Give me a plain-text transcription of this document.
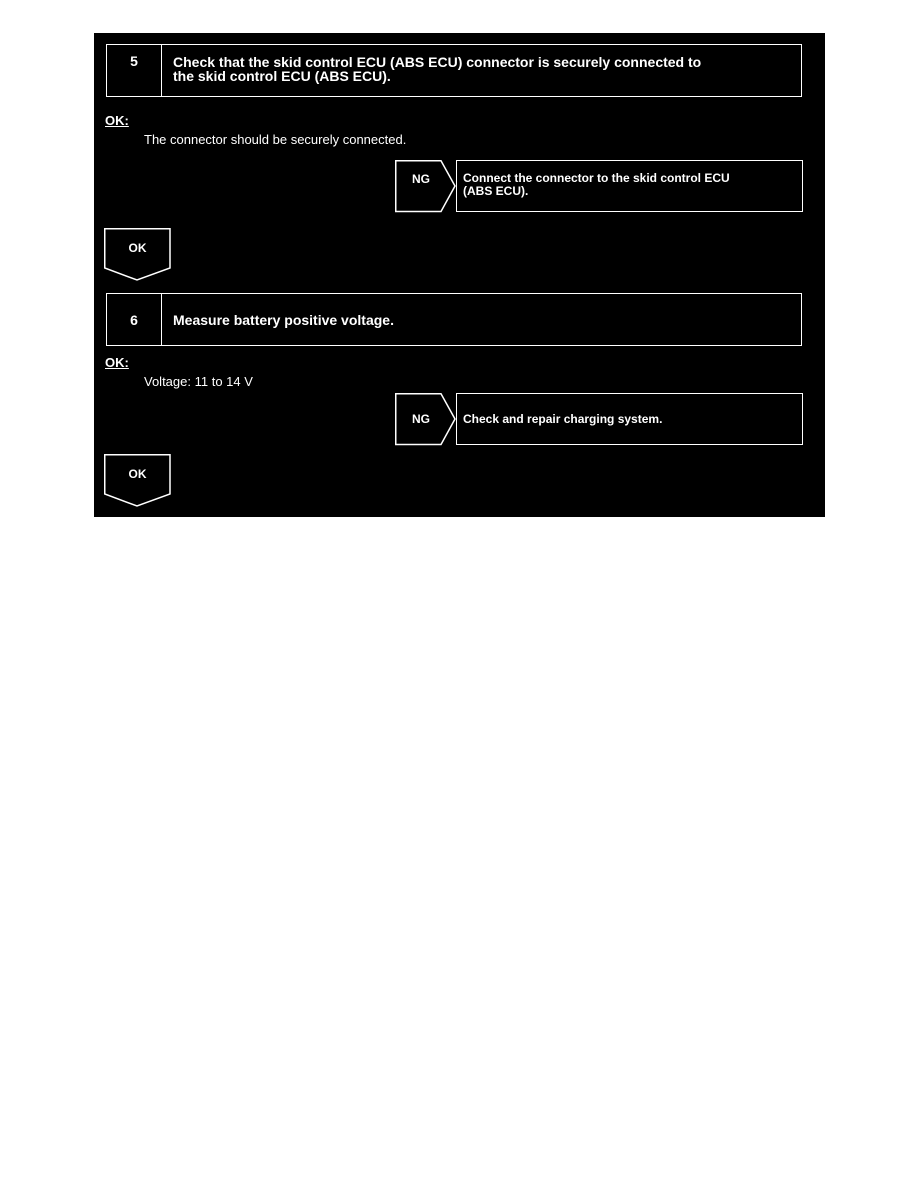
5	Check that the skid control ECU (ABS ECU) connector is securely connected to
the skid control ECU (ABS ECU).
OK:
The connector should be securely connected.
NG	Connect the connector to the skid control ECU
(ABS ECU).
OK
6	Measure battery positive voltage.
OK:
Voltage: 11 to 14 V
NG	Check and repair charging system.
OK
